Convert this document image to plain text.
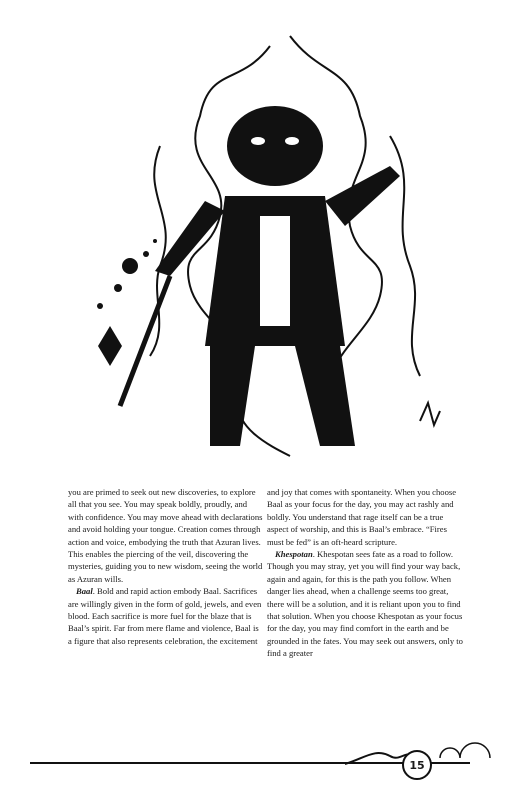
you are primed to seek out new discoveries, to explore all that you see. You may speak boldly, proudly, and with confidence. You may move ahead with declarations and avoid holding your tongue. Creation comes through action and voice, embodying the truth that Azuran lives. This enables the piercing of the veil, discovering the mysteries, guiding you to new wisdom, seeing the world as Azuran wills.

Baal. Bold and rapid action embody Baal. Sacrifices are willingly given in the form of gold, jewels, and even blood. Each sacrifice is more fuel for the blaze that is Baal’s spirit. Far from mere flame and violence, Baal is a figure that also represents celebration, the excitement

and joy that comes with spontaneity. When you choose Baal as your focus for the day, you may act rashly and boldly. You understand that rage itself can be a true aspect of worship, and this is Baal’s embrace. “Fires must be fed” is an oft-heard scripture.

Khespotan. Khespotan sees fate as a road to follow. Though you may stray, yet you will find your way back, again and again, for this is the path you follow. When danger lies ahead, when a challenge seems too great, there will be a solution, and it is reliant upon you to find that solution. When you choose Khespotan as your focus for the day, you may find comfort in the earth and be grounded in the fates. You may seek out answers, only to find a greater

15
